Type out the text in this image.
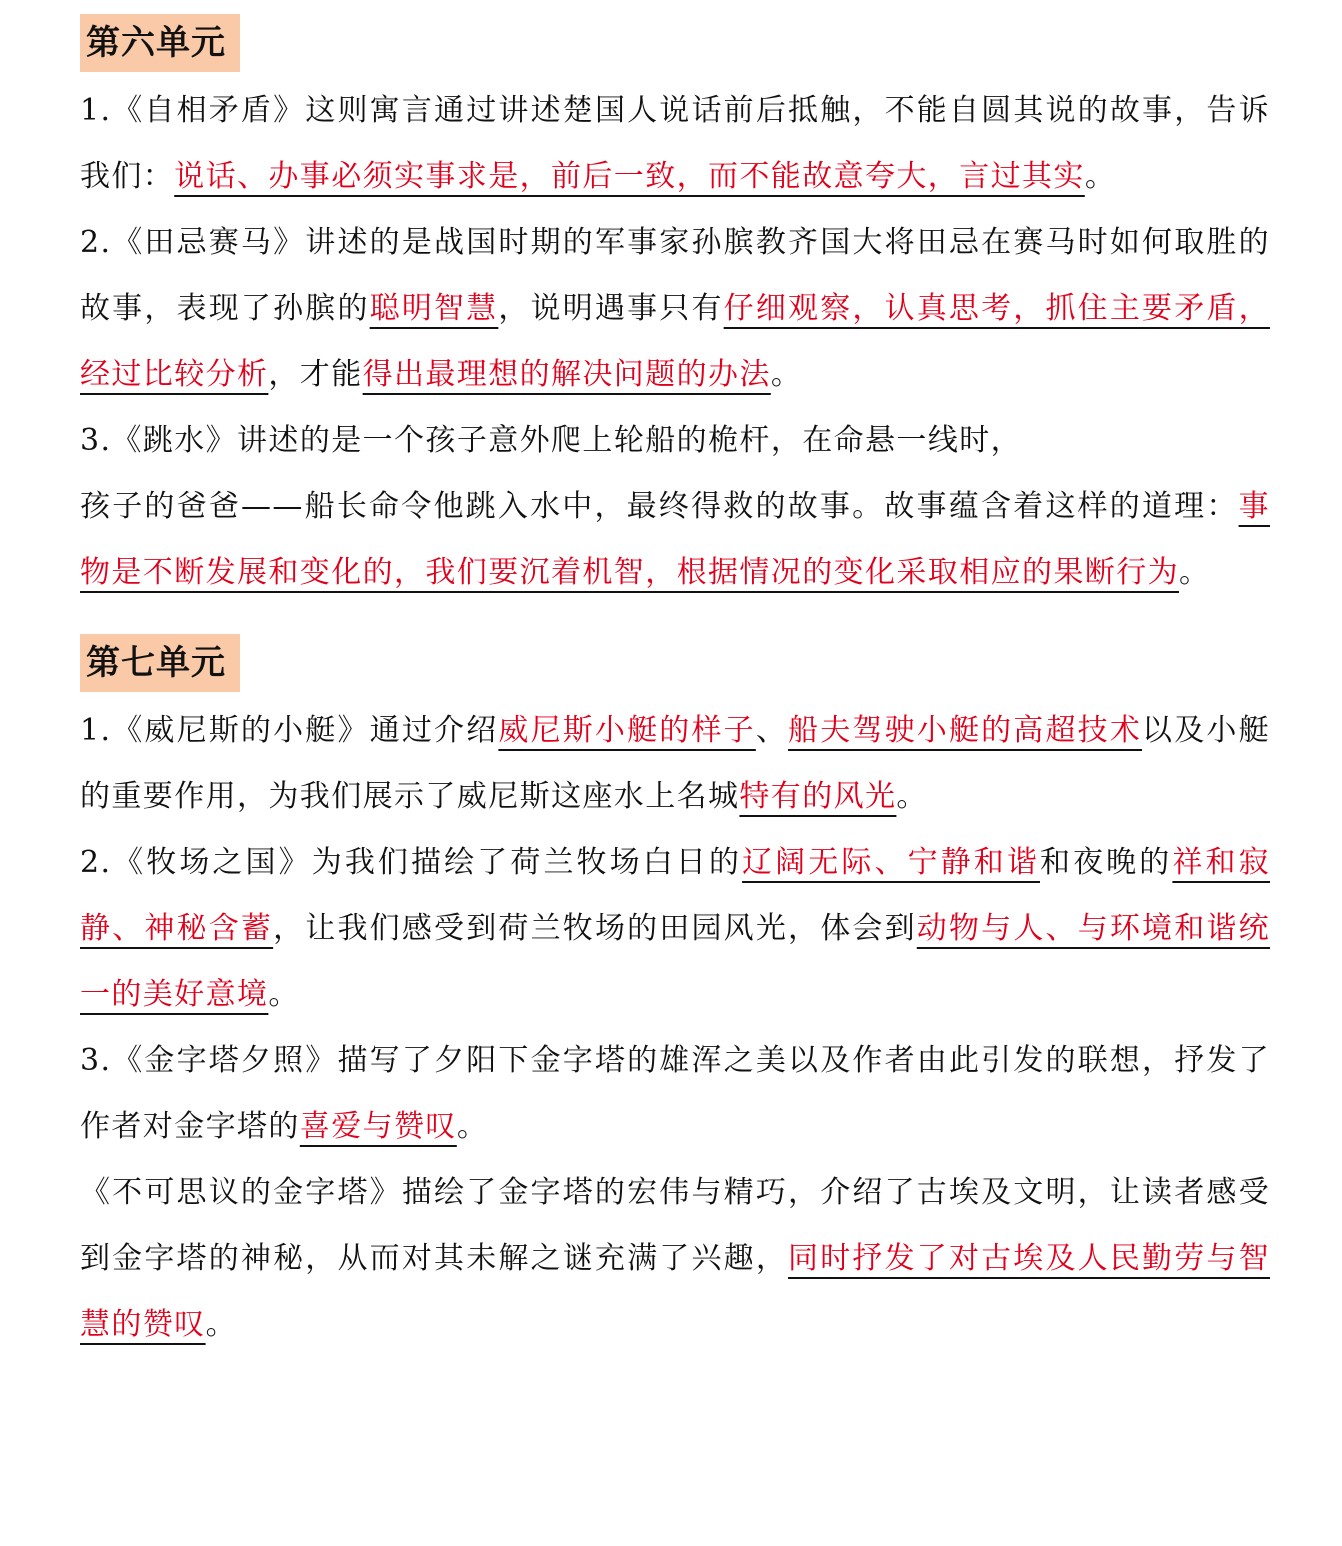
第六单元

1.《自相矛盾》这则寓言通过讲述楚国人说话前后抵触，不能自圆其说的故事，告诉我们：说话、办事必须实事求是，前后一致，而不能故意夸大，言过其实。

2.《田忌赛马》讲述的是战国时期的军事家孙膑教齐国大将田忌在赛马时如何取胜的故事，表现了孙膑的聪明智慧，说明遇事只有仔细观察，认真思考，抓住主要矛盾，经过比较分析，才能得出最理想的解决问题的办法。

3.《跳水》讲述的是一个孩子意外爬上轮船的桅杆，在命悬一线时，
孩子的爸爸——船长命令他跳入水中，最终得救的故事。故事蕴含着这样的道理：事物是不断发展和变化的，我们要沉着机智，根据情况的变化采取相应的果断行为。

第七单元

1.《威尼斯的小艇》通过介绍威尼斯小艇的样子、船夫驾驶小艇的高超技术以及小艇的重要作用，为我们展示了威尼斯这座水上名城特有的风光。

2.《牧场之国》为我们描绘了荷兰牧场白日的辽阔无际、宁静和谐和夜晚的祥和寂静、神秘含蓄，让我们感受到荷兰牧场的田园风光，体会到动物与人、与环境和谐统一的美好意境。

3.《金字塔夕照》描写了夕阳下金字塔的雄浑之美以及作者由此引发的联想，抒发了作者对金字塔的喜爱与赞叹。

《不可思议的金字塔》描绘了金字塔的宏伟与精巧，介绍了古埃及文明，让读者感受到金字塔的神秘，从而对其未解之谜充满了兴趣，同时抒发了对古埃及人民勤劳与智慧的赞叹。
